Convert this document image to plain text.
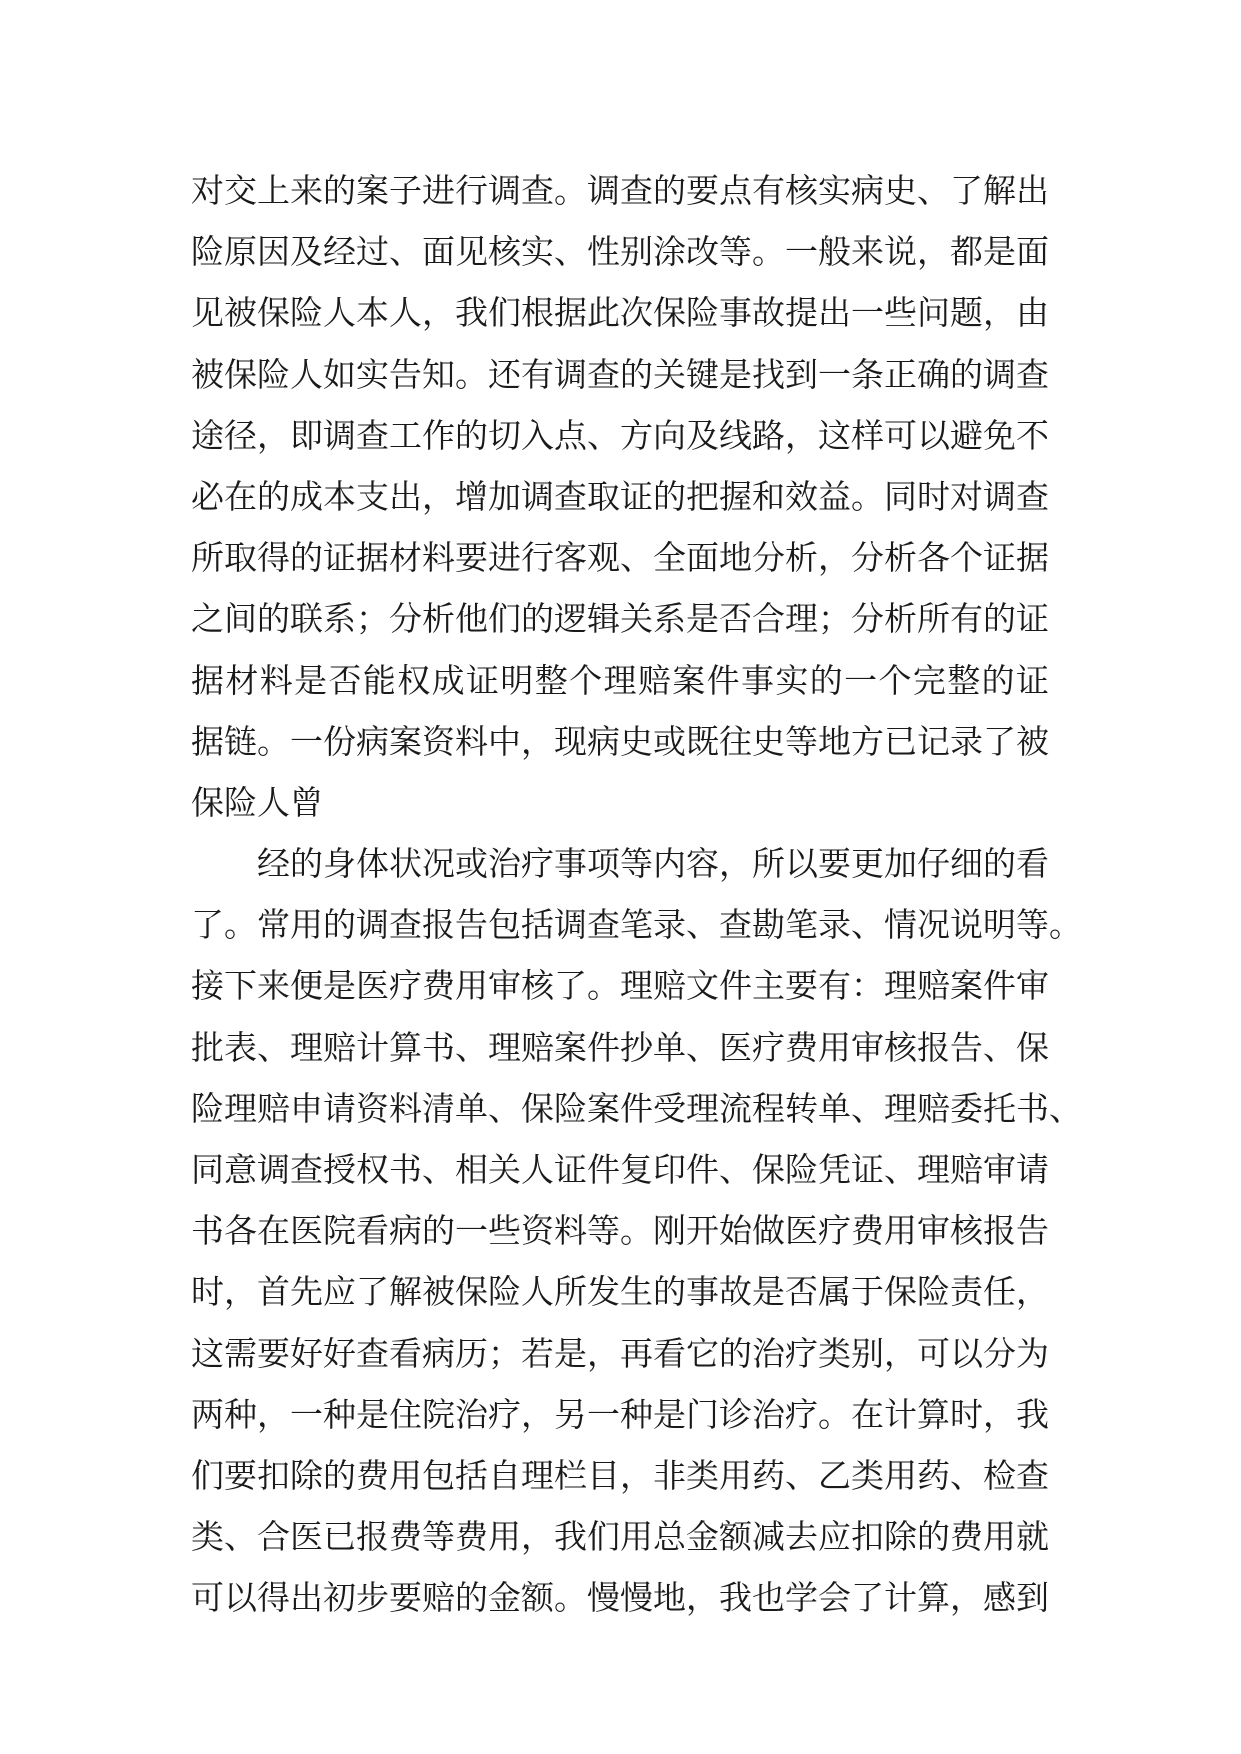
对交上来的案子进行调查。调查的要点有核实病史、了解出
险原因及经过、面见核实、性别涂改等。一般来说，都是面
见被保险人本人，我们根据此次保险事故提出一些问题，由
被保险人如实告知。还有调查的关键是找到一条正确的调查
途径，即调查工作的切入点、方向及线路，这样可以避免不
必在的成本支出，增加调查取证的把握和效益。同时对调查
所取得的证据材料要进行客观、全面地分析，分析各个证据
之间的联系；分析他们的逻辑关系是否合理；分析所有的证
据材料是否能权成证明整个理赔案件事实的一个完整的证
据链。一份病案资料中，现病史或既往史等地方已记录了被
保险人曾
经的身体状况或治疗事项等内容，所以要更加仔细的看
了。常用的调查报告包括调查笔录、查勘笔录、情况说明等。
接下来便是医疗费用审核了。理赔文件主要有：理赔案件审
批表、理赔计算书、理赔案件抄单、医疗费用审核报告、保
险理赔申请资料清单、保险案件受理流程转单、理赔委托书、
同意调查授权书、相关人证件复印件、保险凭证、理赔审请
书各在医院看病的一些资料等。刚开始做医疗费用审核报告
时，首先应了解被保险人所发生的事故是否属于保险责任，
这需要好好查看病历；若是，再看它的治疗类别，可以分为
两种，一种是住院治疗，另一种是门诊治疗。在计算时，我
们要扣除的费用包括自理栏目，非类用药、乙类用药、检查
类、合医已报费等费用，我们用总金额减去应扣除的费用就
可以得出初步要赔的金额。慢慢地，我也学会了计算，感到
